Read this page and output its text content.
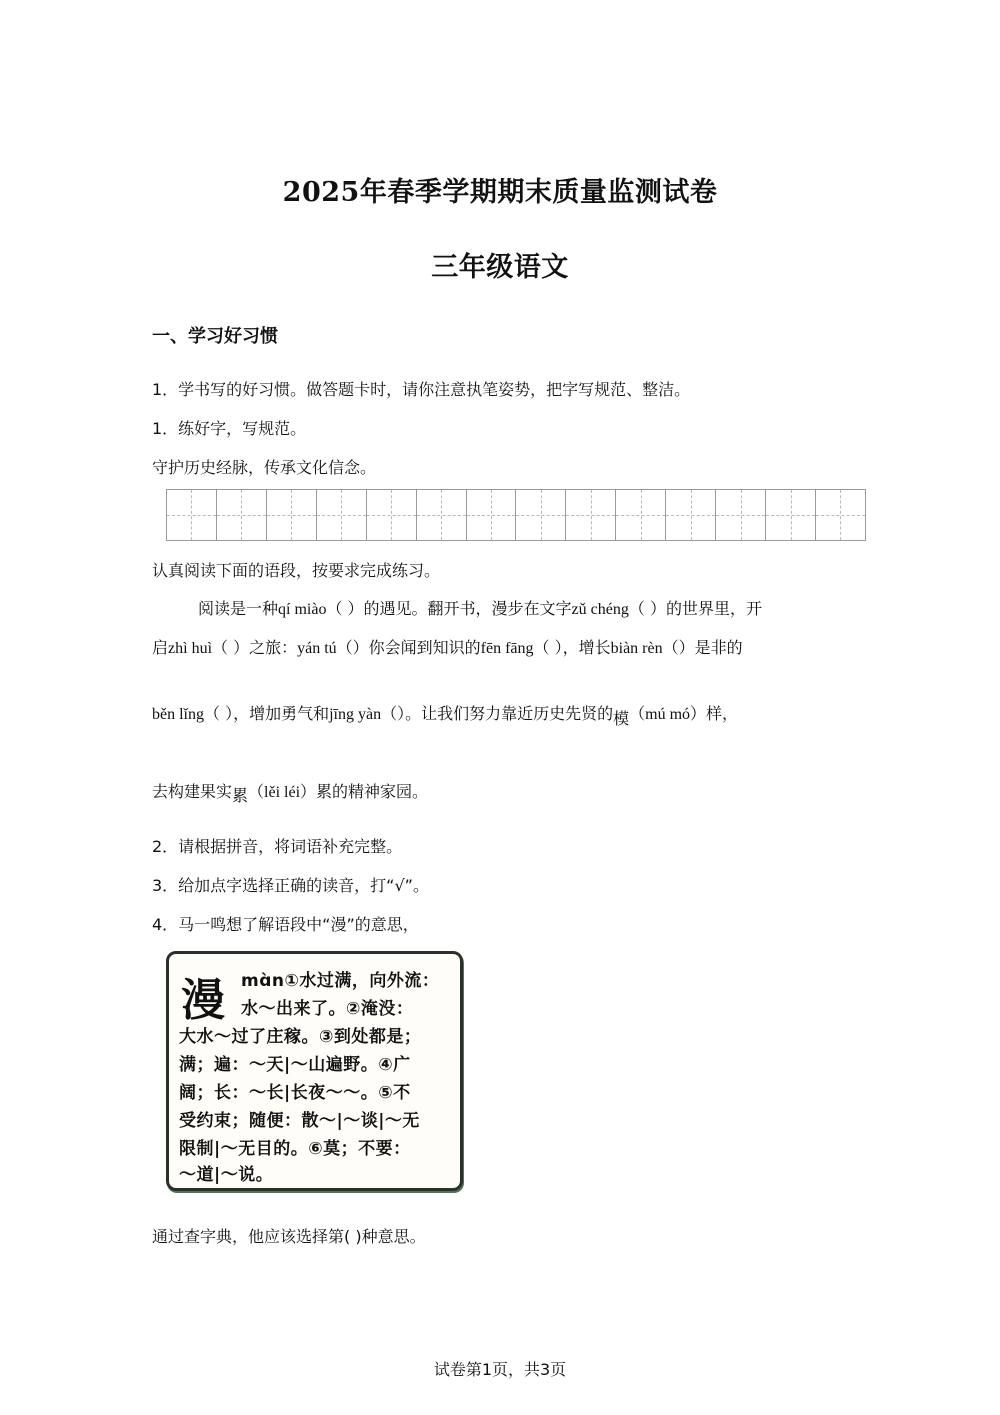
2025年春季学期期末质量监测试卷
三年级语文
一、学习好习惯
1．学书写的好习惯。做答题卡时，请你注意执笔姿势，把字写规范、整洁。
1．练好字，写规范。
守护历史经脉，传承文化信念。
认真阅读下面的语段，按要求完成练习。
阅读是一种qí miào（ ）的遇见。翻开书，漫步在文字zǔ chéng（ ）的世界里，开
启zhì huì（ ）之旅：yán tú（）你会闻到知识的fēn fāng（ ），增长biàn rèn（）是非的
běn lǐng（ ），增加勇气和jīng yàn（）。让我们努力靠近历史先贤的模（mú mó）样，
去构建果实累（lěi léi）累的精神家园。
2．请根据拼音，将词语补充完整。
3．给加点字选择正确的读音，打“√”。
4．马一鸣想了解语段中“漫”的意思，
漫 mɑ̀n①水过满，向外流：
水～出来了。②淹没：
大水～过了庄稼。③到处都是；
满；遍：～天|～山遍野。④广
阔；长：～长|长夜～～。⑤不
受约束；随便：散～|～谈|～无
限制|～无目的。⑥莫；不要：
～道|～说。
通过查字典，他应该选择第( )种意思。
试卷第1页，共3页
